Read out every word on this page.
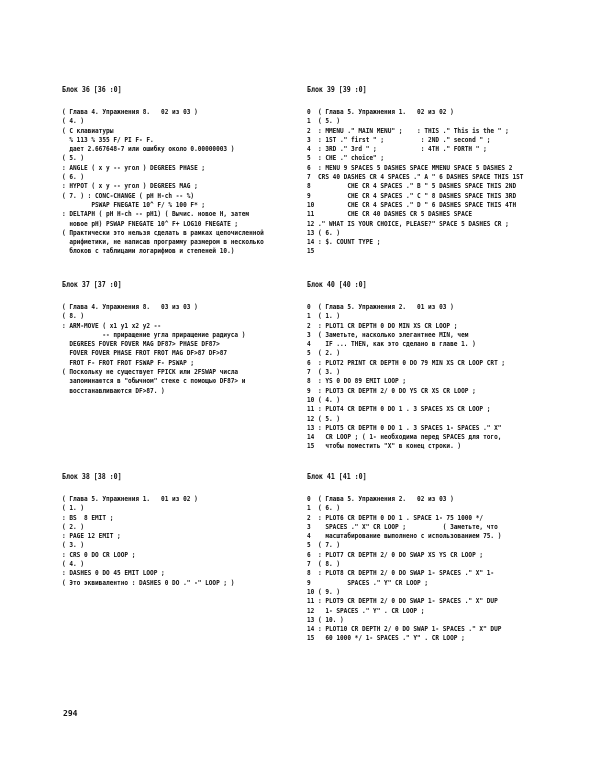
Блок 36 [36 :0]
( Глава 4. Упражнения 8.   02 из 03 )
( 4. )
( С клавиатуры
% 113 % 355 F/ PI F- F.
дает 2.667648-7 или ошибку около 0.00000003 )
( 5. )
: ANGLE ( x y -- угол ) DEGREES PHASE ;
( 6. )
: HYPOT ( x y -- угол ) DEGREES MAG ;
( 7. ) : CONC-CHANGE ( pH H-ch -- %)
PSWAP FNEGATE 10^ F/ % 100 F* ;
: DELTAPH ( pH H-ch -- pH1) ( Вычис. новое H, затем
новое pH) PSWAP FNEGATE 10^ F+ LOG10 FNEGATE ;
( Практически это нельзя сделать в рамках цепочисленной
арифметики, не написав программу размером в несколько
блоков с таблицами логарифмов и степеней 10.)
Блок 39 [39 :0]
0	( Глава 5. Упражнения 1.   02 из 02 )
1	( 5. )
2	: MMENU ." MAIN MENU" ;    : THIS ." This is the " ;
3	: 1ST ." first " ;          : 2ND ." second " ;
4	: 3RD ." 3rd " ;            : 4TH ." FORTH " ;
5	: CHE ." choice" ;
6	: MENU 9 SPACES 5 DASHES SPACE MMENU SPACE 5 DASHES 2
7	CRS 40 DASHES CR 4 SPACES ." A " 6 DASHES SPACE THIS 1ST
8	CHE CR 4 SPACES ." B " 5 DASHES SPACE THIS 2ND
9	CHE CR 4 SPACES ." C " 8 DASHES SPACE THIS 3RD
10 CHE CR 4 SPACES ." D " 6 DASHES SPACE THIS 4TH
11 CHE CR 40 DASHES CR 5 DASHES SPACE
12 ." WHAT IS YOUR CHOICE, PLEASE?" SPACE 5 DASHES CR ;
13 ( 6. )
14 : $. COUNT TYPE ;
15
Блок 37 [37 :0]
( Глава 4. Упражнения 8.   03 из 03 )
( 8. )
: ARM-MOVE ( x1 y1 x2 y2 --
-- приращение угла приращение радиуса )
DEGREES FOVER FOVER MAG DF87> PHASE DF87>
FOVER FOVER PHASE FROT FROT MAG DF>87 DF>87
FROT F- FROT FROT FSWAP F- PSWAP ;
( Поскольку не существует FPICK или 2FSWAP числа
запоминаются в "обычном" стеке с помощью DF87> и
восстанавливаются DF>87. )
Блок 40 [40 :0]
0	( Глава 5. Упражнения 2.   01 из 03 )
1	( 1. )
2	: PLOT1 CR DEPTH 0 DO MIN XS CR LOOP ;
3	( Заметьте, насколько элегантнее MIN, чем
4	IF ... THEN, как это сделано в главе 1. )
5	( 2. )
6	: PLOT2 PRINT CR DEPTH 0 DO 79 MIN XS CR LOOP CRT ;
7	( 3. )
8	: YS 0 DO 89 EMIT LOOP ;
9	: PLOT3 CR DEPTH 2/ 0 DO YS CR XS CR LOOP ;
10 ( 4. )
11 : PLOT4 CR DEPTH 0 DO 1 . 3 SPACES XS CR LOOP ;
12 ( 5. )
13 : PLOT5 CR DEPTH 0 DO 1 . 3 SPACES 1- SPACES ." X"
14 CR LOOP ; ( 1- необходима перед SPACES для того,
15 чтобы поместить "X" в конец строки. )
Блок 38 [38 :0]
( Глава 5. Упражнения 1.   01 из 02 )
( 1. )
: BS  8 EMIT ;
( 2. )
: PAGE 12 EMIT ;
( 3. )
: CRS 0 DO CR LOOP ;
( 4. )
: DASHES 0 DO 45 EMIT LOOP ;
( Это эквивалентно : DASHES 0 DO ." -" LOOP ; )
Блок 41 [41 :0]
0	( Глава 5. Упражнения 2.   02 из 03 )
1	( 6. )
2	: PLOT6 CR DEPTH 0 DO 1 . SPACE 1- 75 1000 */
3	SPACES ." X" CR LOOP ;          ( Заметьте, что
4	масштабирование выполнено с использованием 75. )
5	( 7. )
6	: PLOT7 CR DEPTH 2/ 0 DO SWAP XS YS CR LOOP ;
7	( 8. )
8	: PLOT8 CR DEPTH 2/ 0 DO SWAP 1- SPACES ." X" 1-
9	SPACES ." Y" CR LOOP ;
10 ( 9. )
11 : PLOT9 CR DEPTH 2/ 0 DO SWAP 1- SPACES ." X" DUP
12 1- SPACES ." Y" . CR LOOP ;
13 ( 10. )
14 : PLOT10 CR DEPTH 2/ 0 DO SWAP 1- SPACES ." X" DUP
15 60 1000 */ 1- SPACES ." Y" . CR LOOP ;
294
